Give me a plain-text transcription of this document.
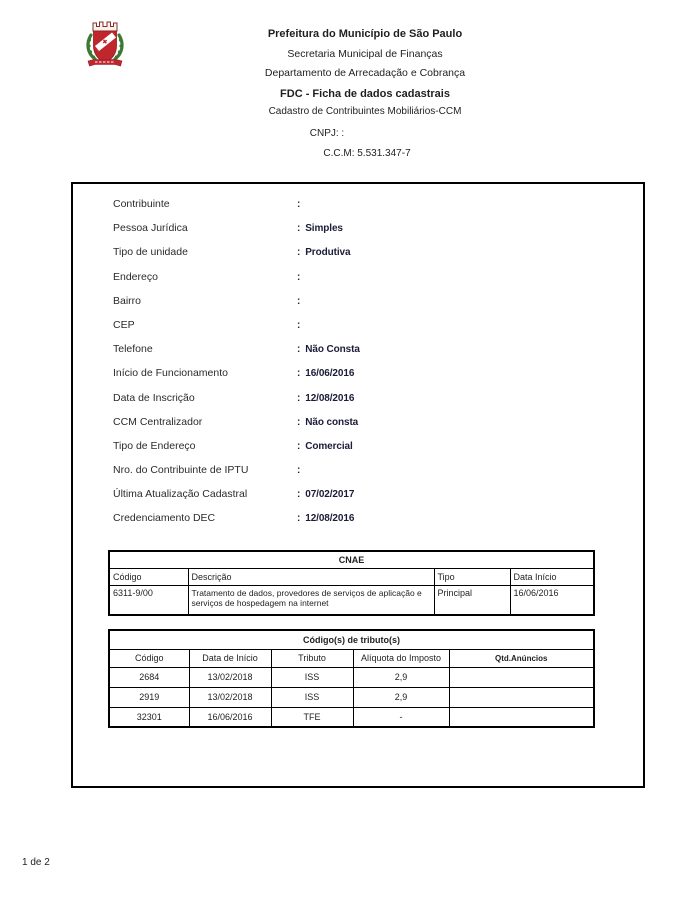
Prefeitura do Município de São Paulo
Secretaria Municipal de Finanças
Departamento de Arrecadação e Cobrança
FDC - Ficha de dados cadastrais
Cadastro de Contribuintes Mobiliários-CCM
CNPJ: :
C.C.M: 5.531.347-7
Contribuinte	:
Pessoa Jurídica	: Simples
Tipo de unidade	: Produtiva
Endereço	:
Bairro	:
CEP	:
Telefone	: Não Consta
Início de Funcionamento	: 16/06/2016
Data de Inscrição	: 12/08/2016
CCM Centralizador	: Não consta
Tipo de Endereço	: Comercial
Nro. do Contribuinte de IPTU	:
Última Atualização Cadastral	: 07/02/2017
Credenciamento DEC	: 12/08/2016
CNAE			
Código	Descrição	Tipo	Data Início
6311-9/00	Tratamento de dados, provedores de serviços de aplicação e serviços de hospedagem na internet	Principal	16/06/2016
Código(s) de tributo(s)				
Código	Data de Início	Tributo	Alíquota do Imposto	Qtd.Anúncios
2684	13/02/2018	ISS	2,9	
2919	13/02/2018	ISS	2,9	
32301	16/06/2016	TFE	-	
1 de 2
